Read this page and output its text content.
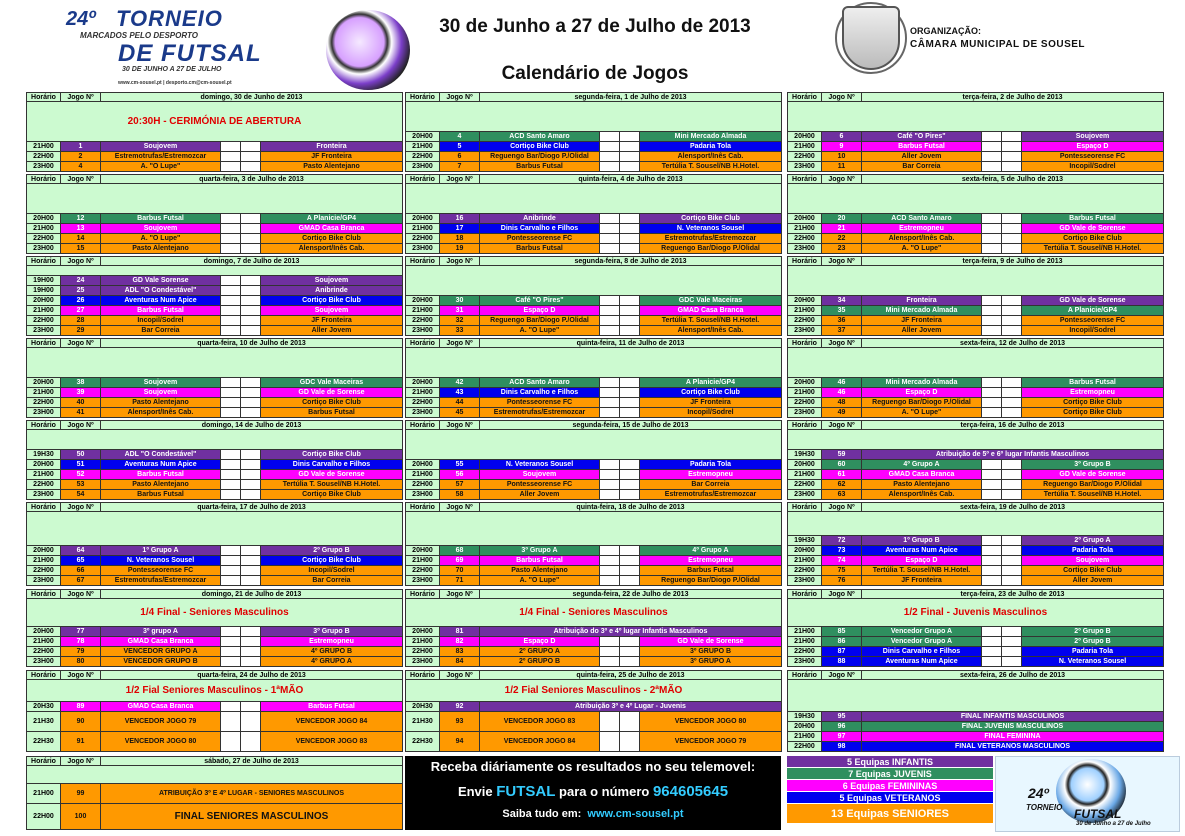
24º TORNEIO
MARCADOS PELO DESPORTO
DE FUTSAL
30 DE JUNHO A 27 DE JULHO
www.cm-sousel.pt | desporto.cm@cm-sousel.pt
30 de Junho a 27 de Julho de 2013
Calendário de Jogos
ORGANIZAÇÃO:
CÂMARA MUNICIPAL DE SOUSEL
Horário	Jogo Nº	domingo, 30 de Junho de 2013
20:30H - CERIMÓNIA DE ABERTURA
21H00	1	Soujovem	Fronteira
22H00	2	Estremotrufas/Estremozcar	JF Fronteira
23H00	4	A. "O Lupe"	Pasto Alentejano
Horário	Jogo Nº	segunda-feira, 1 de Julho de 2013
20H00	4	ACD Santo Amaro	Mini Mercado Almada
21H00	5	Cortiço Bike Club	Padaria Tola
22H00	6	Reguengo Bar/Diogo P./Olidal	Alensport/Inês Cab.
23H00	7	Barbus Futsal	Tertúlia T. Sousel/NB H.Hotel.
Horário	Jogo Nº	terça-feira, 2 de Julho de 2013
20H00	6	Café "O Pires"	Soujovem
21H00	9	Barbus Futsal	Espaço D
22H00	10	Aller Jovem	Pontesseorense FC
23H00	11	Bar Correia	Incopil/Sodrel
Horário	Jogo Nº	quarta-feira, 3 de Julho de 2013
20H00	12	Barbus Futsal	A Planicie/GP4
21H00	13	Soujovem	GMAD Casa Branca
22H00	14	A. "O Lupe"	Cortiço Bike Club
23H00	15	Pasto Alentejano	Alensport/Inês Cab.
Horário	Jogo Nº	quinta-feira, 4 de Julho de 2013
20H00	16	Anibrinde	Cortiço Bike Club
21H00	17	Dinis Carvalho e Filhos	N. Veteranos Sousel
22H00	18	Pontesseorense FC	Estremotrufas/Estremozcar
23H00	19	Barbus Futsal	Reguengo Bar/Diogo P./Olidal
Horário	Jogo Nº	sexta-feira, 5 de Julho de 2013
20H00	20	ACD Santo Amaro	Barbus Futsal
21H00	21	Estremopneu	GD Vale de Sorense
22H00	22	Alensport/Inês Cab.	Cortiço Bike Club
23H00	23	A. "O Lupe"	Tertúlia T. Sousel/NB H.Hotel.
Horário	Jogo Nº	domingo, 7 de Julho de 2013
19H00	24	GD Vale Sorense	Soujovem
19H00	25	ADL "O Condestável"	Anibrinde
20H00	26	Aventuras Num Apice	Cortiço Bike Club
21H00	27	Barbus Futsal	Soujovem
22H00	28	Incopil/Sodrel	JF Fronteira
23H00	29	Bar Correia	Aller Jovem
Horário	Jogo Nº	segunda-feira, 8 de Julho de 2013
20H00	30	Café "O Pires"	GDC Vale Maceiras
21H00	31	Espaço D	GMAD Casa Branca
22H00	32	Reguengo Bar/Diogo P./Olidal	Tertúlia T. Sousel/NB H.Hotel.
23H00	33	A. "O Lupe"	Alensport/Inês Cab.
Horário	Jogo Nº	terça-feira, 9 de Julho de 2013
20H00	34	Fronteira	GD Vale de Sorense
21H00	35	Mini Mercado Almada	A Planicie/GP4
22H00	36	JF Fronteira	Pontesseorense FC
23H00	37	Aller Jovem	Incopil/Sodrel
Horário	Jogo Nº	quarta-feira, 10 de Julho de 2013
20H00	38	Soujovem	GDC Vale Maceiras
21H00	39	Soujovem	GD Vale de Sorense
22H00	40	Pasto Alentejano	Cortiço Bike Club
23H00	41	Alensport/Inês Cab.	Barbus Futsal
Horário	Jogo Nº	quinta-feira, 11 de Julho de 2013
20H00	42	ACD Santo Amaro	A Planicie/GP4
21H00	43	Dinis Carvalho e Filhos	Cortiço Bike Club
22H00	44	Pontesseorense FC	JF Fronteira
23H00	45	Estremotrufas/Estremozcar	Incopil/Sodrel
Horário	Jogo Nº	sexta-feira, 12 de Julho de 2013
20H00	46	Mini Mercado Almada	Barbus Futsal
21H00	46	Espaço D	Estremopneu
22H00	48	Reguengo Bar/Diogo P./Olidal	Cortiço Bike Club
23H00	49	A. "O Lupe"	Cortiço Bike Club
Horário	Jogo Nº	domingo, 14 de Julho de 2013
19H30	50	ADL "O Condestável"	Cortiço Bike Club
20H00	51	Aventuras Num Apice	Dinis Carvalho e Filhos
21H00	52	Barbus Futsal	GD Vale de Sorense
22H00	53	Pasto Alentejano	Tertúlia T. Sousel/NB H.Hotel.
23H00	54	Barbus Futsal	Cortiço Bike Club
Horário	Jogo Nº	segunda-feira, 15 de Julho de 2013
20H00	55	N. Veteranos Sousel	Padaria Tola
21H00	56	Soujovem	Estremopneu
22H00	57	Pontesseorense FC	Bar Correia
23H00	58	Aller Jovem	Estremotrufas/Estremozcar
Horário	Jogo Nº	terça-feira, 16 de Julho de 2013
19H30	59	Atribuição de 5º e 6º lugar Infantis Masculinos
20H00	60	4º Grupo A	3º Grupo B
21H00	61	GMAD Casa Branca	GD Vale de Sorense
22H00	62	Pasto Alentejano	Reguengo Bar/Diogo P./Olidal
23H00	63	Alensport/Inês Cab.	Tertúlia T. Sousel/NB H.Hotel.
Horário	Jogo Nº	quarta-feira, 17 de Julho de 2013
20H00	64	1º Grupo A	2º Grupo B
21H00	65	N. Veteranos Sousel	Cortiço Bike Club
22H00	66	Pontesseorense FC	Incopil/Sodrel
23H00	67	Estremotrufas/Estremozcar	Bar Correia
Horário	Jogo Nº	quinta-feira, 18 de Julho de 2013
20H00	68	3º Grupo A	4º Grupo A
21H00	69	Barbus Futsal	Estremopneu
22H00	70	Pasto Alentejano	Barbus Futsal
23H00	71	A. "O Lupe"	Reguengo Bar/Diogo P./Olidal
Horário	Jogo Nº	sexta-feira, 19 de Julho de 2013
19H30	72	1º Grupo B	2º Grupo A
20H00	73	Aventuras Num Apice	Padaria Tola
21H00	74	Espaço D	Soujovem
22H00	75	Tertúlia T. Sousel/NB H.Hotel.	Cortiço Bike Club
23H00	76	JF Fronteira	Aller Jovem
Horário	Jogo Nº	domingo, 21 de Julho de 2013
1/4 Final - Seniores Masculinos
20H00	77	3º grupo A	3º Grupo B
21H00	78	GMAD Casa Branca	Estremopneu
22H00	79	VENCEDOR GRUPO A	4º GRUPO B
23H00	80	VENCEDOR GRUPO B	4º GRUPO A
Horário	Jogo Nº	segunda-feira, 22 de Julho de 2013
1/4 Final - Seniores Masculinos
20H00	81	Atribuição do 3º e 4º lugar Infantis Masculinos
21H00	82	Espaço D	GD Vale de Sorense
22H00	83	2º GRUPO A	3º GRUPO B
23H00	84	2º GRUPO B	3º GRUPO A
Horário	Jogo Nº	terça-feira, 23 de Julho de 2013
1/2 Final - Juvenis Masculinos
21H00	85	Vencedor Grupo A	2º Grupo B
21H00	86	Vencedor Grupo A	2º Grupo B
22H00	87	Dinis Carvalho e Filhos	Padaria Tola
23H00	88	Aventuras Num Apice	N. Veteranos Sousel
Horário	Jogo Nº	quarta-feira, 24 de Julho de 2013
1/2 Fial Seniores Masculinos - 1ªMÃO
20H30	89	GMAD Casa Branca	Barbus Futsal
21H30	90	VENCEDOR JOGO 79	VENCEDOR JOGO 84
22H30	91	VENCEDOR JOGO 80	VENCEDOR JOGO 83
Horário	Jogo Nº	quinta-feira, 25 de Julho de 2013
1/2 Fial Seniores Masculinos - 2ªMÃO
20H30	92	Atribuição 3º e 4º Lugar - Juvenis
21H30	93	VENCEDOR JOGO 83	VENCEDOR JOGO 80
22H30	94	VENCEDOR JOGO 84	VENCEDOR JOGO 79
Horário	Jogo Nº	sexta-feira, 26 de Julho de 2013
19H30	95	FINAL INFANTIS MASCULINOS
20H00	96	FINAL JUVENIS MASCULINOS
21H00	97	FINAL FEMININA
22H00	98	FINAL VETERANOS MASCULINOS
Horário	Jogo Nº	sábado, 27 de Julho de 2013
21H00	99	ATRIBUIÇÃO 3º E 4º LUGAR - SENIORES MASCULINOS
22H00	100	FINAL SENIORES MASCULINOS
Receba diáriamente os resultados no seu telemovel:
Envie FUTSAL para o número 964605645
Saiba tudo em: www.cm-sousel.pt
5 Equipas INFANTIS
7 Equipas JUVENIS
6 Equipas FEMININAS
5 Equipas VETERANOS
13 Equipas SENIORES
24º
TORNEIO FUTSAL
30 de Junho a 27 de Julho
